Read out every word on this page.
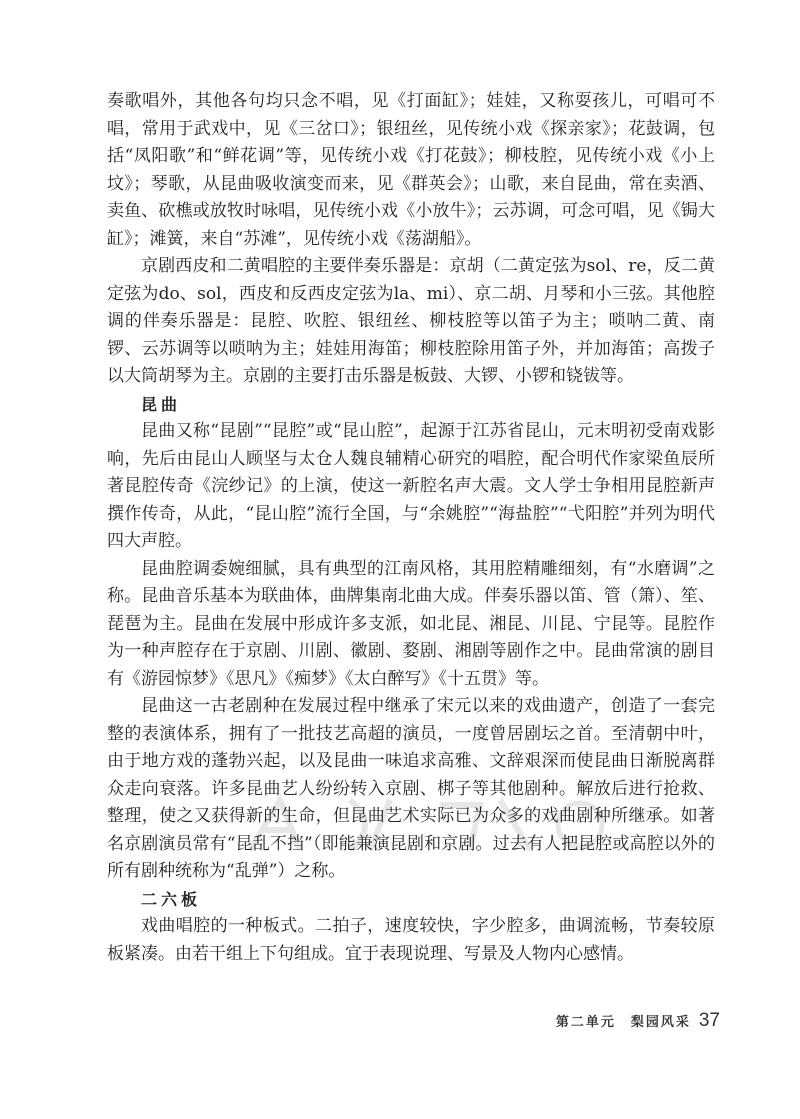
奏歌唱外，其他各句均只念不唱，见《打面缸》；娃娃，又称耍孩儿，可唱可不唱，常用于武戏中，见《三岔口》；银纽丝，见传统小戏《探亲家》；花鼓调，包括“凤阳歌”和“鲜花调”等，见传统小戏《打花鼓》；柳枝腔，见传统小戏《小上坟》；琴歌，从昆曲吸收演变而来，见《群英会》；山歌，来自昆曲，常在卖酒、卖鱼、砍樵或放牧时咏唱，见传统小戏《小放牛》；云苏调，可念可唱，见《锔大缸》；滩簧，来自“苏滩”，见传统小戏《荡湖船》。

京剧西皮和二黄唱腔的主要伴奏乐器是：京胡（二黄定弦为sol、re，反二黄定弦为do、sol，西皮和反西皮定弦为la、mi）、京二胡、月琴和小三弦。其他腔调的伴奏乐器是：昆腔、吹腔、银纽丝、柳枝腔等以笛子为主；唢呐二黄、南锣、云苏调等以唢呐为主；娃娃用海笛；柳枝腔除用笛子外，并加海笛；高拨子以大筒胡琴为主。京剧的主要打击乐器是板鼓、大锣、小锣和铙钹等。

昆曲

昆曲又称“昆剧”“昆腔”或“昆山腔”，起源于江苏省昆山，元末明初受南戏影响，先后由昆山人顾坚与太仓人魏良辅精心研究的唱腔，配合明代作家梁鱼辰所著昆腔传奇《浣纱记》的上演，使这一新腔名声大震。文人学士争相用昆腔新声撰作传奇，从此，“昆山腔”流行全国，与“余姚腔”“海盐腔”“弋阳腔”并列为明代四大声腔。

昆曲腔调委婉细腻，具有典型的江南风格，其用腔精雕细刻，有“水磨调”之称。昆曲音乐基本为联曲体，曲牌集南北曲大成。伴奏乐器以笛、管（箫）、笙、琵琶为主。昆曲在发展中形成许多支派，如北昆、湘昆、川昆、宁昆等。昆腔作为一种声腔存在于京剧、川剧、徽剧、婺剧、湘剧等剧作之中。昆曲常演的剧目有《游园惊梦》《思凡》《痴梦》《太白醉写》《十五贯》等。

昆曲这一古老剧种在发展过程中继承了宋元以来的戏曲遗产，创造了一套完整的表演体系，拥有了一批技艺高超的演员，一度曾居剧坛之首。至清朝中叶，由于地方戏的蓬勃兴起，以及昆曲一味追求高雅、文辞艰深而使昆曲日渐脱离群众走向衰落。许多昆曲艺人纷纷转入京剧、梆子等其他剧种。解放后进行抢救、整理，使之又获得新的生命，但昆曲艺术实际已为众多的戏曲剧种所继承。如著名京剧演员常有“昆乱不挡”（即能兼演昆剧和京剧。过去有人把昆腔或高腔以外的所有剧种统称为“乱弹”）之称。

二六板

戏曲唱腔的一种板式。二拍子，速度较快，字少腔多，曲调流畅，节奏较原板紧凑。由若干组上下句组成。宜于表现说理、写景及人物内心感情。

第二单元　梨园风采 37
